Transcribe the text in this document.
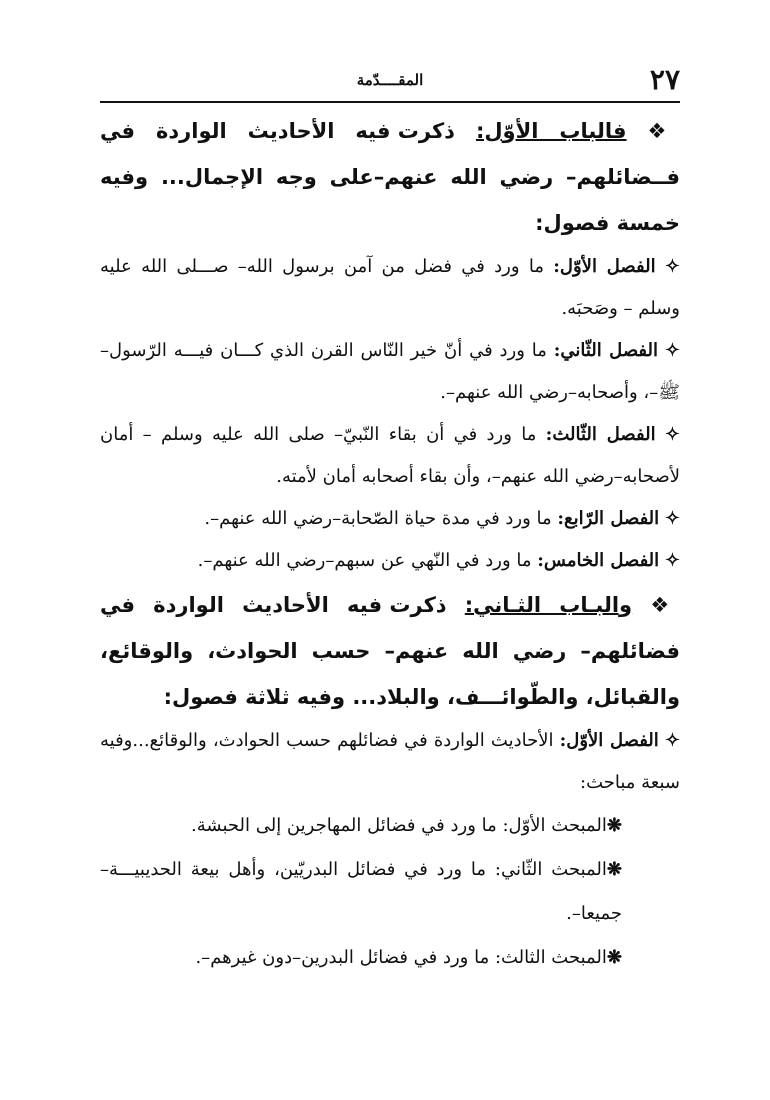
٢٧
المقــــدّمة

❖ فالباب الأوّل: ذكرت فيه الأحاديث الواردة في فــضائلهم– رضي الله عنهم–على وجه الإجمال... وفيه خمسة فصول:

✧ الفصل الأوّل: ما ورد في فضل من آمن برسول الله– صـــلى الله عليه وسلم – وصَحبَه.

✧ الفصل الثّاني: ما ورد في أنّ خير النّاس القرن الذي كـــان فيـــه الرّسول–ﷺ–، وأصحابه–رضي الله عنهم–.

✧ الفصل الثّالث: ما ورد في أن بقاء النّبيّ– صلى الله عليه وسلم – أمان لأصحابه–رضي الله عنهم–، وأن بقاء أصحابه أمان لأمته.

✧ الفصل الرّابع: ما ورد في مدة حياة الصّحابة–رضي الله عنهم–.

✧ الفصل الخامس: ما ورد في النّهي عن سبهم–رضي الله عنهم–.

❖ والبـاب الثـاني: ذكرت فيه الأحاديث الواردة في فضائلهم– رضي الله عنهم– حسب الحوادث، والوقائع، والقبائل، والطّوائـــف، والبلاد... وفيه ثلاثة فصول:

✧ الفصل الأوّل: الأحاديث الواردة في فضائلهم حسب الحوادث، والوقائع...وفيه سبعة مباحث:

❋المبحث الأوّل: ما ورد في فضائل المهاجرين إلى الحبشة.

❋المبحث الثّاني: ما ورد في فضائل البدريّين، وأهل بيعة الحديبيـــة– جميعا–.

❋المبحث الثالث: ما ورد في فضائل البدرين–دون غيرهم–.
